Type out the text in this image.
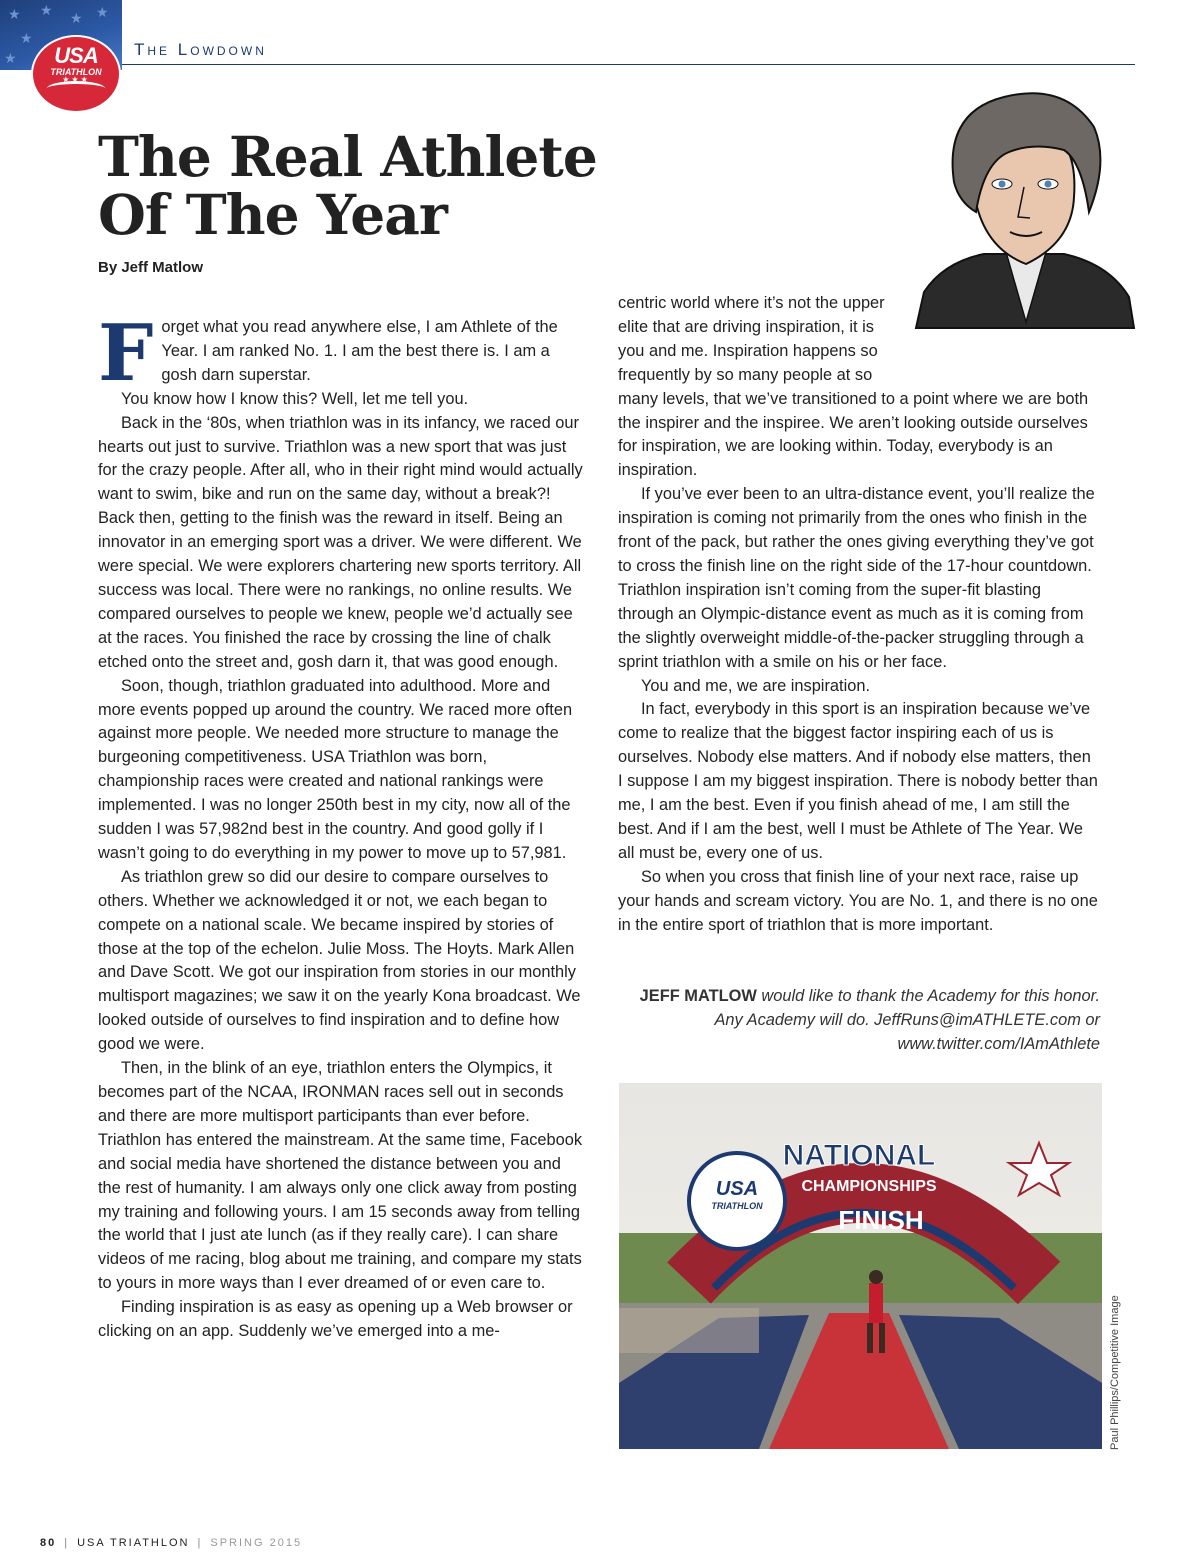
★ ★ ★ ★
★
★	USA
TRIATHLON
★★★
The Lowdown
The Real Athlete
Of The Year
By Jeff Matlow
F orget what you read anywhere else, I am Athlete of the Year. I am ranked No. 1. I am the best there is. I am a gosh darn superstar.

You know how I know this? Well, let me tell you.

Back in the ‘80s, when triathlon was in its infancy, we raced our hearts out just to survive. Triathlon was a new sport that was just for the crazy people. After all, who in their right mind would actually want to swim, bike and run on the same day, without a break?! Back then, getting to the finish was the reward in itself. Being an innovator in an emerging sport was a driver. We were different. We were special. We were explorers chartering new sports territory. All success was local. There were no rankings, no online results. We compared ourselves to people we knew, people we’d actually see at the races. You finished the race by crossing the line of chalk etched onto the street and, gosh darn it, that was good enough.

Soon, though, triathlon graduated into adulthood. More and more events popped up around the country. We raced more often against more people. We needed more structure to manage the burgeoning competitiveness. USA Triathlon was born, championship races were created and national rankings were implemented. I was no longer 250th best in my city, now all of the sudden I was 57,982nd best in the country. And good golly if I wasn’t going to do everything in my power to move up to 57,981.

As triathlon grew so did our desire to compare ourselves to others. Whether we acknowledged it or not, we each began to compete on a national scale. We became inspired by stories of those at the top of the echelon. Julie Moss. The Hoyts. Mark Allen and Dave Scott. We got our inspiration from stories in our monthly multisport magazines; we saw it on the yearly Kona broadcast. We looked outside of ourselves to find inspiration and to define how good we were.

Then, in the blink of an eye, triathlon enters the Olympics, it becomes part of the NCAA, IRONMAN races sell out in seconds and there are more multisport participants than ever before. Triathlon has entered the mainstream. At the same time, Facebook and social media have shortened the distance between you and the rest of humanity. I am always only one click away from posting my training and following yours. I am 15 seconds away from telling the world that I just ate lunch (as if they really care). I can share videos of me racing, blog about me training, and compare my stats to yours in more ways than I ever dreamed of or even care to.

Finding inspiration is as easy as opening up a Web browser or clicking on an app. Suddenly we’ve emerged into a me-

centric world where it’s not the upper elite that are driving inspiration, it is you and me. Inspiration happens so frequently by so many people at so many levels, that we’ve transitioned to a point where we are both the inspirer and the inspiree. We aren’t looking outside ourselves for inspiration, we are looking within. Today, everybody is an inspiration.

If you’ve ever been to an ultra-distance event, you’ll realize the inspiration is coming not primarily from the ones who finish in the front of the pack, but rather the ones giving everything they’ve got to cross the finish line on the right side of the 17-hour countdown. Triathlon inspiration isn’t coming from the super-fit blasting through an Olympic-distance event as much as it is coming from the slightly overweight middle-of-the-packer struggling through a sprint triathlon with a smile on his or her face.

You and me, we are inspiration.

In fact, everybody in this sport is an inspiration because we’ve come to realize that the biggest factor inspiring each of us is ourselves. Nobody else matters. And if nobody else matters, then I suppose I am my biggest inspiration. There is nobody better than me, I am the best. Even if you finish ahead of me, I am still the best. And if I am the best, well I must be Athlete of The Year. We all must be, every one of us.

So when you cross that finish line of your next race, raise up your hands and scream victory. You are No. 1, and there is no one in the entire sport of triathlon that is more important.

JEFF MATLOW would like to thank the Academy for this honor.
Any Academy will do. JeffRuns@imATHLETE.com or
www.twitter.com/IAmAthlete
NATIONAL
CHAMPIONSHIPS
FINISH
USA
TRIATHLON
Paul Phillips/Competitive Image
80 | USA TRIATHLON | SPRING 2015
